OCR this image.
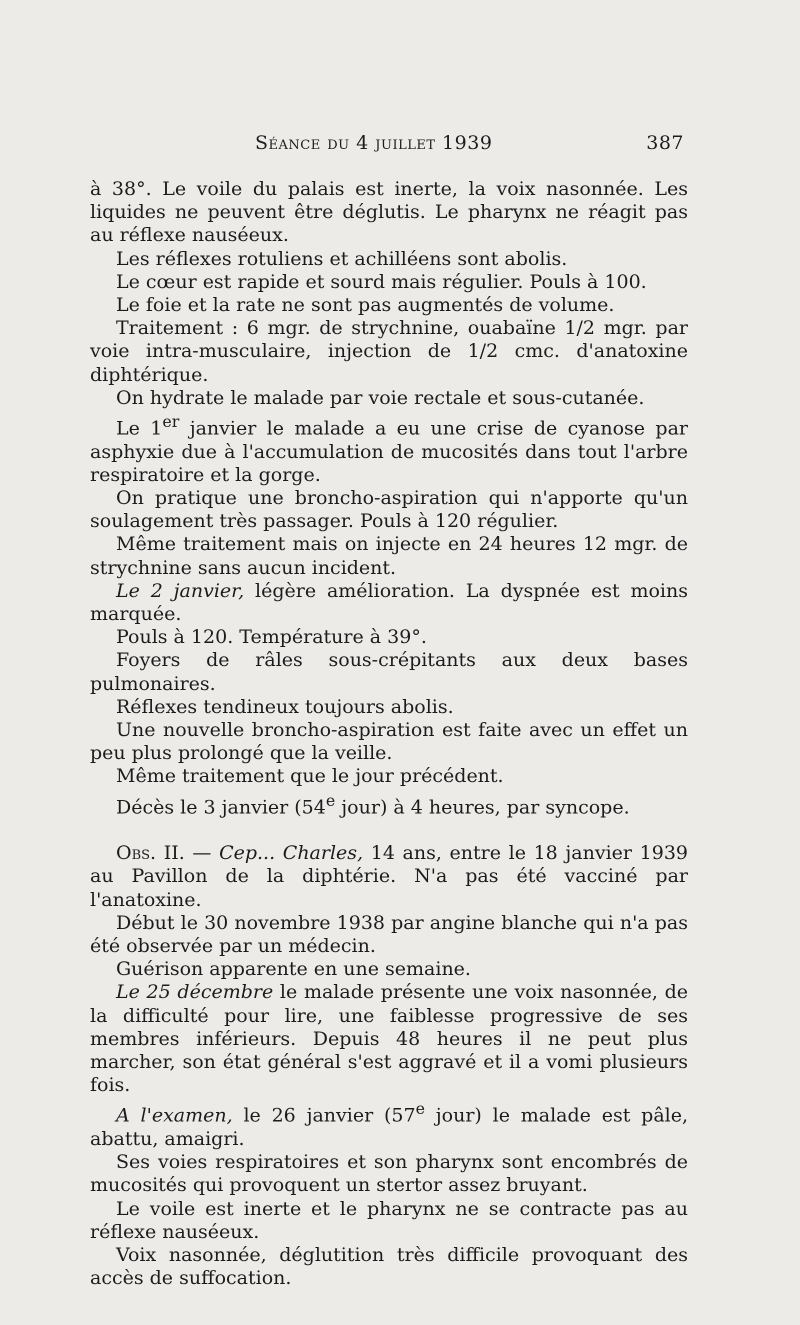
Séance du 4 juillet 1939	387

à 38°. Le voile du palais est inerte, la voix nasonnée. Les liquides ne peuvent être déglutis. Le pharynx ne réagit pas au réflexe nauséeux.

Les réflexes rotuliens et achilléens sont abolis.

Le cœur est rapide et sourd mais régulier. Pouls à 100.

Le foie et la rate ne sont pas augmentés de volume.

Traitement : 6 mgr. de strychnine, ouabaïne 1/2 mgr. par voie intra-musculaire, injection de 1/2 cmc. d'anatoxine diphtérique.

On hydrate le malade par voie rectale et sous-cutanée.

Le 1er janvier le malade a eu une crise de cyanose par asphyxie due à l'accumulation de mucosités dans tout l'arbre respiratoire et la gorge.

On pratique une broncho-aspiration qui n'apporte qu'un soulagement très passager. Pouls à 120 régulier.

Même traitement mais on injecte en 24 heures 12 mgr. de strychnine sans aucun incident.

Le 2 janvier, légère amélioration. La dyspnée est moins marquée.

Pouls à 120. Température à 39°.

Foyers de râles sous-crépitants aux deux bases pulmonaires.

Réflexes tendineux toujours abolis.

Une nouvelle broncho-aspiration est faite avec un effet un peu plus prolongé que la veille.

Même traitement que le jour précédent.

Décès le 3 janvier (54e jour) à 4 heures, par syncope.

Obs. II. — Cep... Charles, 14 ans, entre le 18 janvier 1939 au Pavillon de la diphtérie. N'a pas été vacciné par l'anatoxine.

Début le 30 novembre 1938 par angine blanche qui n'a pas été observée par un médecin.

Guérison apparente en une semaine.

Le 25 décembre le malade présente une voix nasonnée, de la difficulté pour lire, une faiblesse progressive de ses membres inférieurs. Depuis 48 heures il ne peut plus marcher, son état général s'est aggravé et il a vomi plusieurs fois.

A l'examen, le 26 janvier (57e jour) le malade est pâle, abattu, amaigri.

Ses voies respiratoires et son pharynx sont encombrés de mucosités qui provoquent un stertor assez bruyant.

Le voile est inerte et le pharynx ne se contracte pas au réflexe nauséeux.

Voix nasonnée, déglutition très difficile provoquant des accès de suffocation.
